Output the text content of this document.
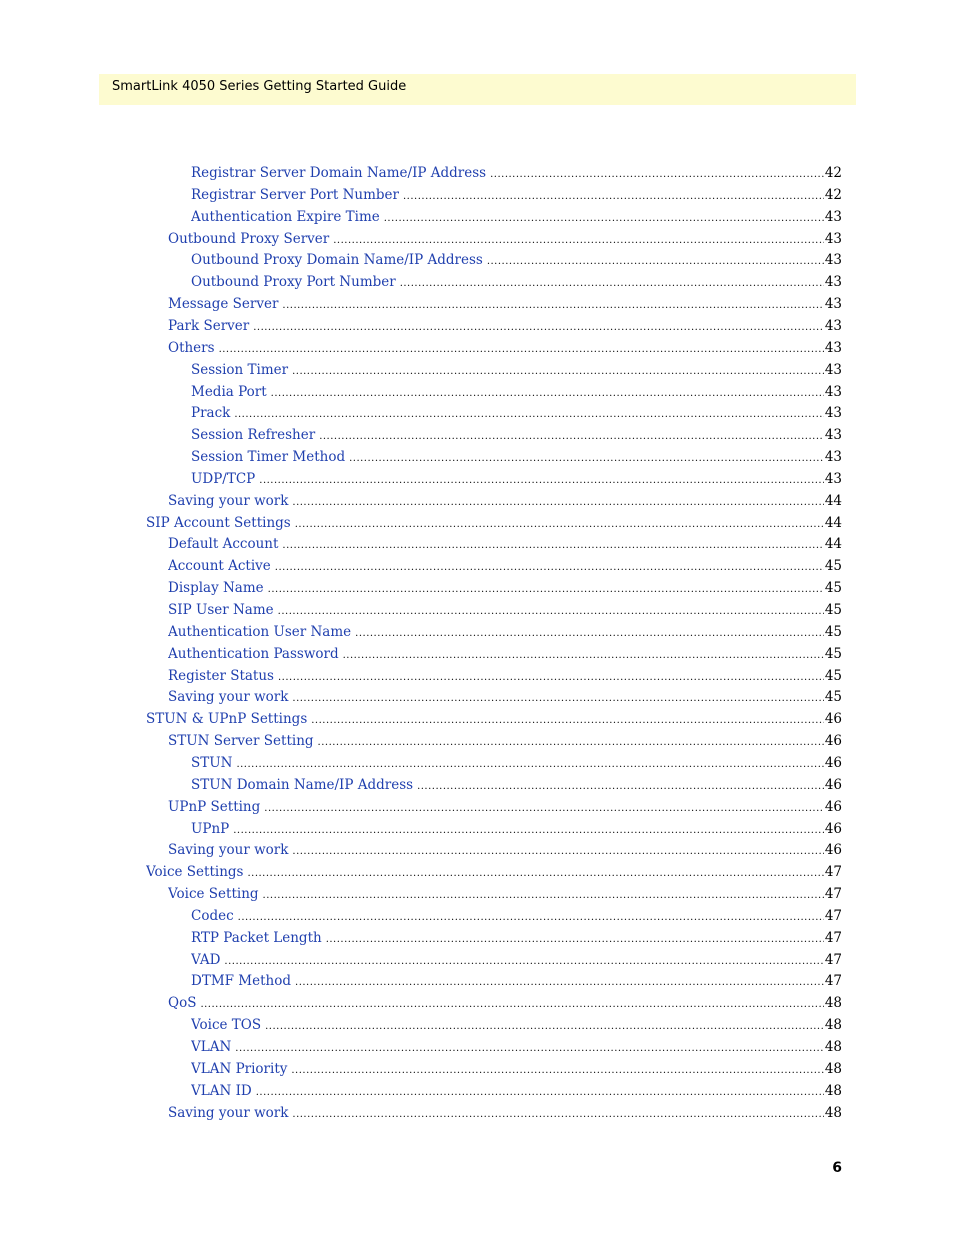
SmartLink 4050 Series Getting Started Guide
Registrar Server Domain Name/IP Address .....	42
Registrar Server Port Number .....	42
Authentication Expire Time .....	43
Outbound Proxy Server .....	43
Outbound Proxy Domain Name/IP Address .....	43
Outbound Proxy Port Number .....	43
Message Server .....	43
Park Server .....	43
Others .....	43
Session Timer .....	43
Media Port .....	43
Prack .....	43
Session Refresher .....	43
Session Timer Method .....	43
UDP/TCP .....	43
Saving your work .....	44
SIP Account Settings .....	44
Default Account .....	44
Account Active .....	45
Display Name .....	45
SIP User Name .....	45
Authentication User Name .....	45
Authentication Password .....	45
Register Status .....	45
Saving your work .....	45
STUN & UPnP Settings .....	46
STUN Server Setting .....	46
STUN .....	46
STUN Domain Name/IP Address .....	46
UPnP Setting .....	46
UPnP .....	46
Saving your work .....	46
Voice Settings .....	47
Voice Setting .....	47
Codec .....	47
RTP Packet Length .....	47
VAD .....	47
DTMF Method .....	47
QoS .....	48
Voice TOS .....	48
VLAN .....	48
VLAN Priority .....	48
VLAN ID .....	48
Saving your work .....	48
6
